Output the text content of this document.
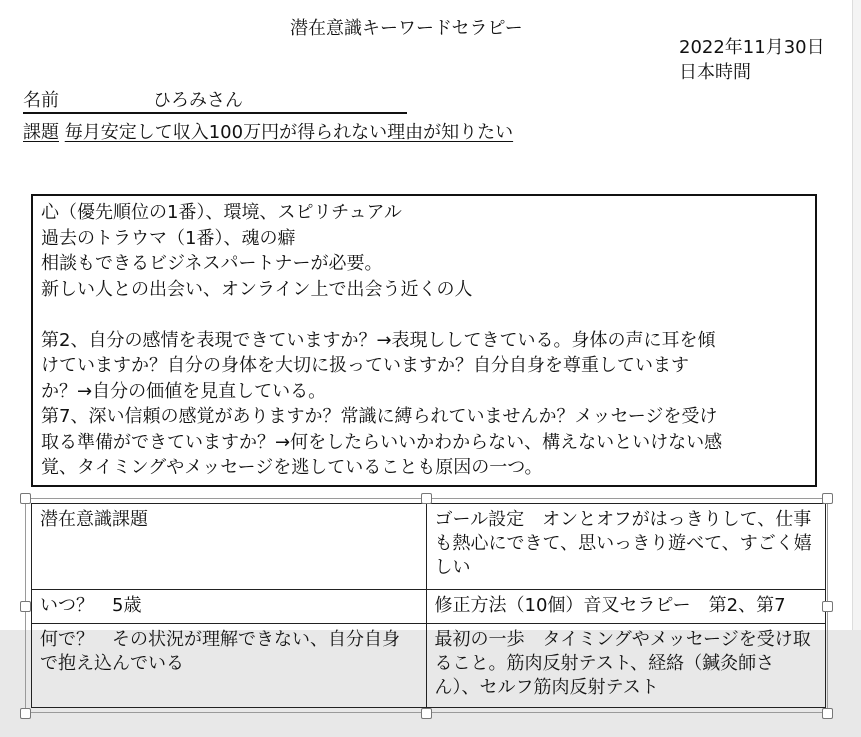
潜在意識キーワードセラピー
2022年11月30日
日本時間
名前	ひろみさん
課題 毎月安定して収入100万円が得られない理由が知りたい
心（優先順位の1番）、環境、スピリチュアル
過去のトラウマ（1番）、魂の癖
相談もできるビジネスパートナーが必要。
新しい人との出会い、オンライン上で出会う近くの人
第2、自分の感情を表現できていますか？→表現ししてきている。身体の声に耳を傾
けていますか？自分の身体を大切に扱っていますか？自分自身を尊重しています
か？→自分の価値を見直している。
第7、深い信頼の感覚がありますか？常識に縛られていませんか？メッセージを受け
取る準備ができていますか？→何をしたらいいかわからない、構えないといけない感
覚、タイミングやメッセージを逃していることも原因の一つ。
潜在意識課題	ゴール設定　オンとオフがはっきりして、仕事も熱心にできて、思いっきり遊べて、すごく嬉しい
いつ？　5歳	修正方法（10個）音叉セラピー　第2、第7
何で？　その状況が理解できない、自分自身で抱え込んでいる	最初の一歩　タイミングやメッセージを受け取ること。筋肉反射テスト、経絡（鍼灸師さん）、セルフ筋肉反射テスト
